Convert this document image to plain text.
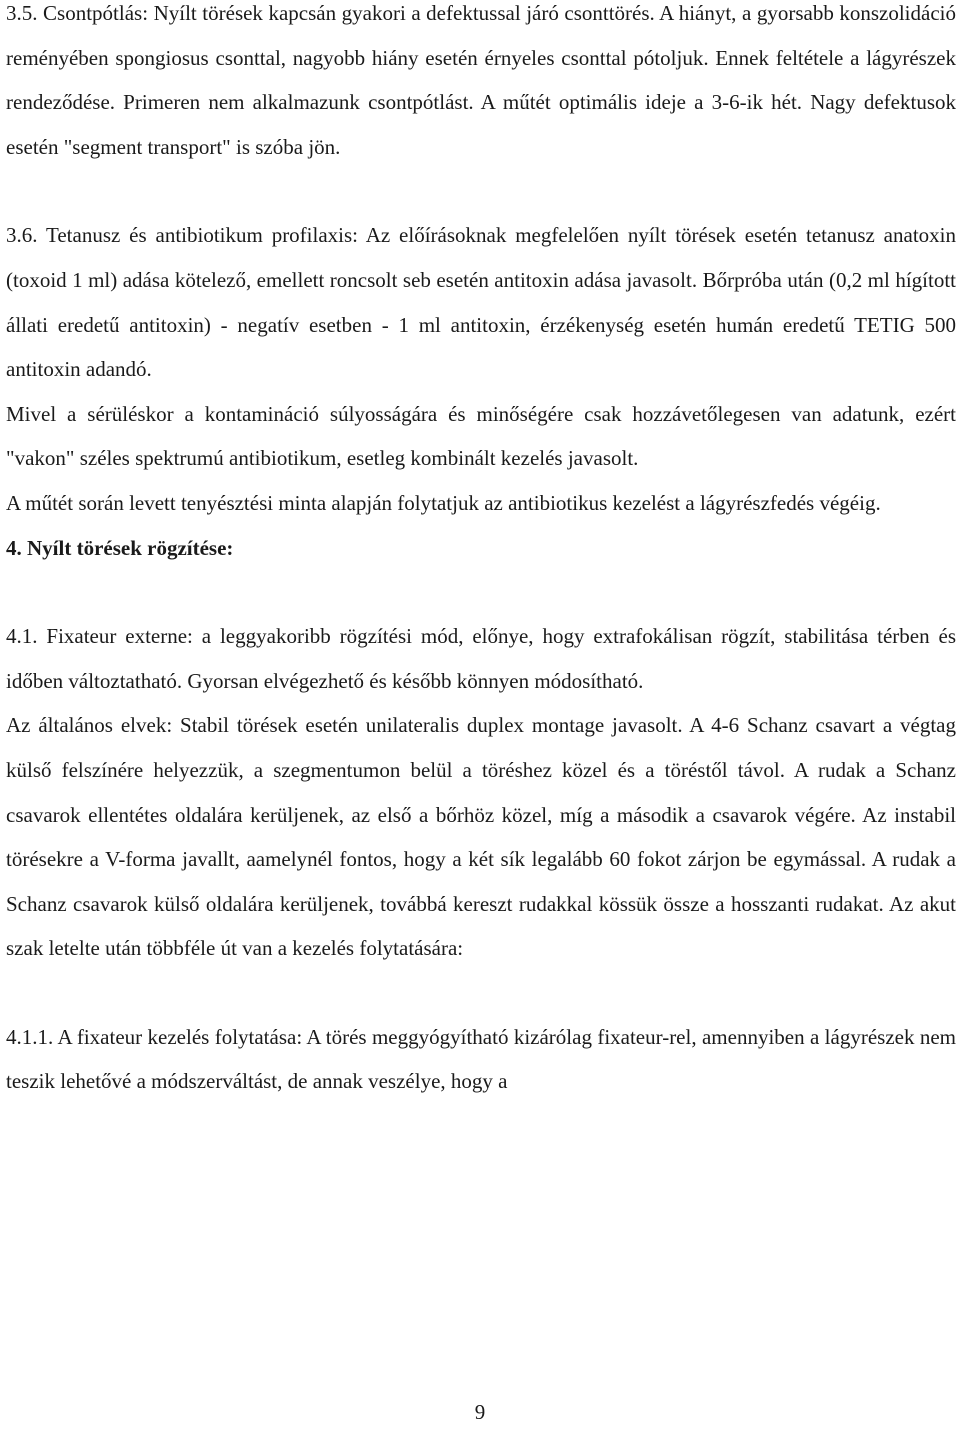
3.5. Csontpótlás: Nyílt törések kapcsán gyakori a defektussal járó csonttörés. A hiányt, a gyorsabb konszolidáció reményében spongiosus csonttal, nagyobb hiány esetén érnyeles csonttal pótoljuk. Ennek feltétele a lágyrészek rendeződése. Primeren nem alkalmazunk csontpótlást. A műtét optimális ideje a 3-6-ik hét. Nagy defektusok esetén "segment transport" is szóba jön.

3.6. Tetanusz és antibiotikum profilaxis: Az előírásoknak megfelelően nyílt törések esetén tetanusz anatoxin (toxoid 1 ml) adása kötelező, emellett roncsolt seb esetén antitoxin adása javasolt. Bőrpróba után (0,2 ml hígított állati eredetű antitoxin) - negatív esetben - 1 ml antitoxin, érzékenység esetén humán eredetű TETIG 500 antitoxin adandó.

Mivel a sérüléskor a kontamináció súlyosságára és minőségére csak hozzávetőlegesen van adatunk, ezért "vakon" széles spektrumú antibiotikum, esetleg kombinált kezelés javasolt.

A műtét során levett tenyésztési minta alapján folytatjuk az antibiotikus kezelést a lágyrészfedés végéig.

4. Nyílt törések rögzítése:

4.1. Fixateur externe: a leggyakoribb rögzítési mód, előnye, hogy extrafokálisan rögzít, stabilitása térben és időben változtatható. Gyorsan elvégezhető és később könnyen módosítható.

Az általános elvek: Stabil törések esetén unilateralis duplex montage javasolt. A 4-6 Schanz csavart a végtag külső felszínére helyezzük, a szegmentumon belül a töréshez közel és a töréstől távol. A rudak a Schanz csavarok ellentétes oldalára kerüljenek, az első a bőrhöz közel, míg a második a csavarok végére. Az instabil törésekre a V-forma javallt, aamelynél fontos, hogy a két sík legalább 60 fokot zárjon be egymással. A rudak a Schanz csavarok külső oldalára kerüljenek, továbbá kereszt rudakkal kössük össze a hosszanti rudakat. Az akut szak letelte után többféle út van a kezelés folytatására:

4.1.1. A fixateur kezelés folytatása: A törés meggyógyítható kizárólag fixateur-rel, amennyiben a lágyrészek nem teszik lehetővé a módszerváltást, de annak veszélye, hogy a

9
